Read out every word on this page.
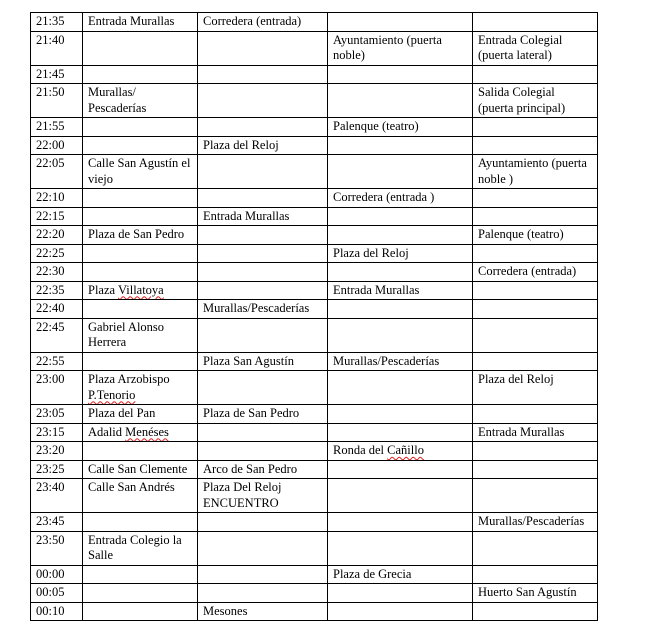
21:35	Entrada Murallas	Corredera (entrada)		
21:40			Ayuntamiento (puerta noble)	Entrada Colegial (puerta lateral)
21:45				
21:50	Murallas/ Pescaderías			Salida Colegial (puerta principal)
21:55			Palenque (teatro)	
22:00		Plaza del Reloj		
22:05	Calle San Agustín el viejo			Ayuntamiento (puerta noble )
22:10			Corredera (entrada )	
22:15		Entrada Murallas		
22:20	Plaza de San Pedro			Palenque (teatro)
22:25			Plaza del Reloj	
22:30				Corredera (entrada)
22:35	Plaza Villatoya		Entrada Murallas	
22:40		Murallas/Pescaderías		
22:45	Gabriel Alonso Herrera			
22:55		Plaza San Agustín	Murallas/Pescaderías	
23:00	Plaza Arzobispo P.Tenorio			Plaza del Reloj
23:05	Plaza del Pan	Plaza de San Pedro		
23:15	Adalid Menéses			Entrada Murallas
23:20			Ronda del Cañillo	
23:25	Calle San Clemente	Arco de San Pedro		
23:40	Calle San Andrés	Plaza Del Reloj ENCUENTRO		
23:45				Murallas/Pescaderías
23:50	Entrada Colegio la Salle			
00:00			Plaza de Grecia	
00:05				Huerto San Agustín
00:10		Mesones		
